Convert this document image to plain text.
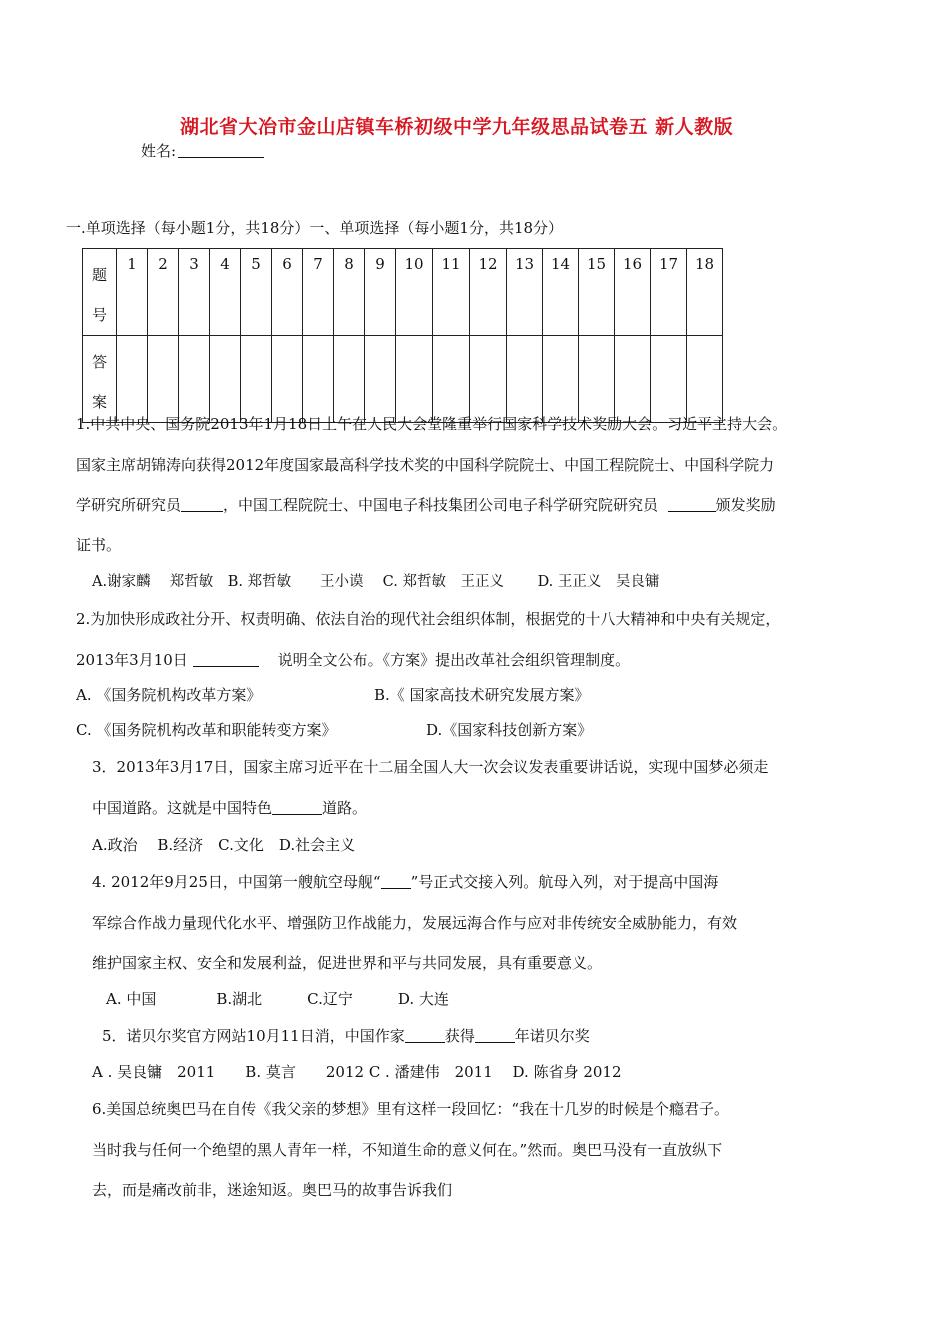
湖北省大冶市金山店镇车桥初级中学九年级思品试卷五 新人教版
姓名:
一.单项选择（每小题1分，共18分）一、单项选择（每小题1分，共18分）
题
号	1	2	3	4	5	6	7	8	9	10	11	12	13	14	15	16	17	18

答
案																		

1.中共中央、国务院2013年1月18日上午在人民大会堂隆重举行国家科学技术奖励大会。习近平主持大会。
国家主席胡锦涛向获得2012年度国家最高科学技术奖的中国科学院院士、中国工程院院士、中国科学院力
学研究所研究员	，中国工程院院士、中国电子科技集团公司电子科学研究院研究员	颁发奖励
证书。
A.谢家麟　 郑哲敏　B. 郑哲敏　　王小谟　 C. 郑哲敏　王正义　　 D. 王正义　吴良镛
2.为加快形成政社分开、权责明确、依法自治的现代社会组织体制，根据党的十八大精神和中央有关规定，
2013年3月10日	说明全文公布。《方案》提出改革社会组织管理制度。
A. 《国务院机构改革方案》	B.《 国家高技术研究发展方案》
C. 《国务院机构改革和职能转变方案》	D.《国家科技创新方案》
3．2013年3月17日，国家主席习近平在十二届全国人大一次会议发表重要讲话说，实现中国梦必须走
中国道路。这就是中国特色	道路。
A.政治　 B.经济　C.文化　D.社会主义
4. 2012年9月25日，中国第一艘航空母舰“ ”号正式交接入列。航母入列，对于提高中国海
军综合作战力量现代化水平、增强防卫作战能力，发展远海合作与应对非传统安全威胁能力，有效
维护国家主权、安全和发展利益，促进世界和平与共同发展，具有重要意义。
A. 中国　　　　B.湖北　　　C.辽宁　　　D. 大连
5．诺贝尔奖官方网站10月11日消，中国作家	获得	年诺贝尔奖
A . 吴良镛　2011　　B. 莫言　　2012 C . 潘建伟　2011　 D. 陈省身 2012
6.美国总统奥巴马在自传《我父亲的梦想》里有这样一段回忆：“我在十几岁的时候是个瘾君子。
当时我与任何一个绝望的黑人青年一样，不知道生命的意义何在。”然而。奥巴马没有一直放纵下
去，而是痛改前非，迷途知返。奥巴马的故事告诉我们
